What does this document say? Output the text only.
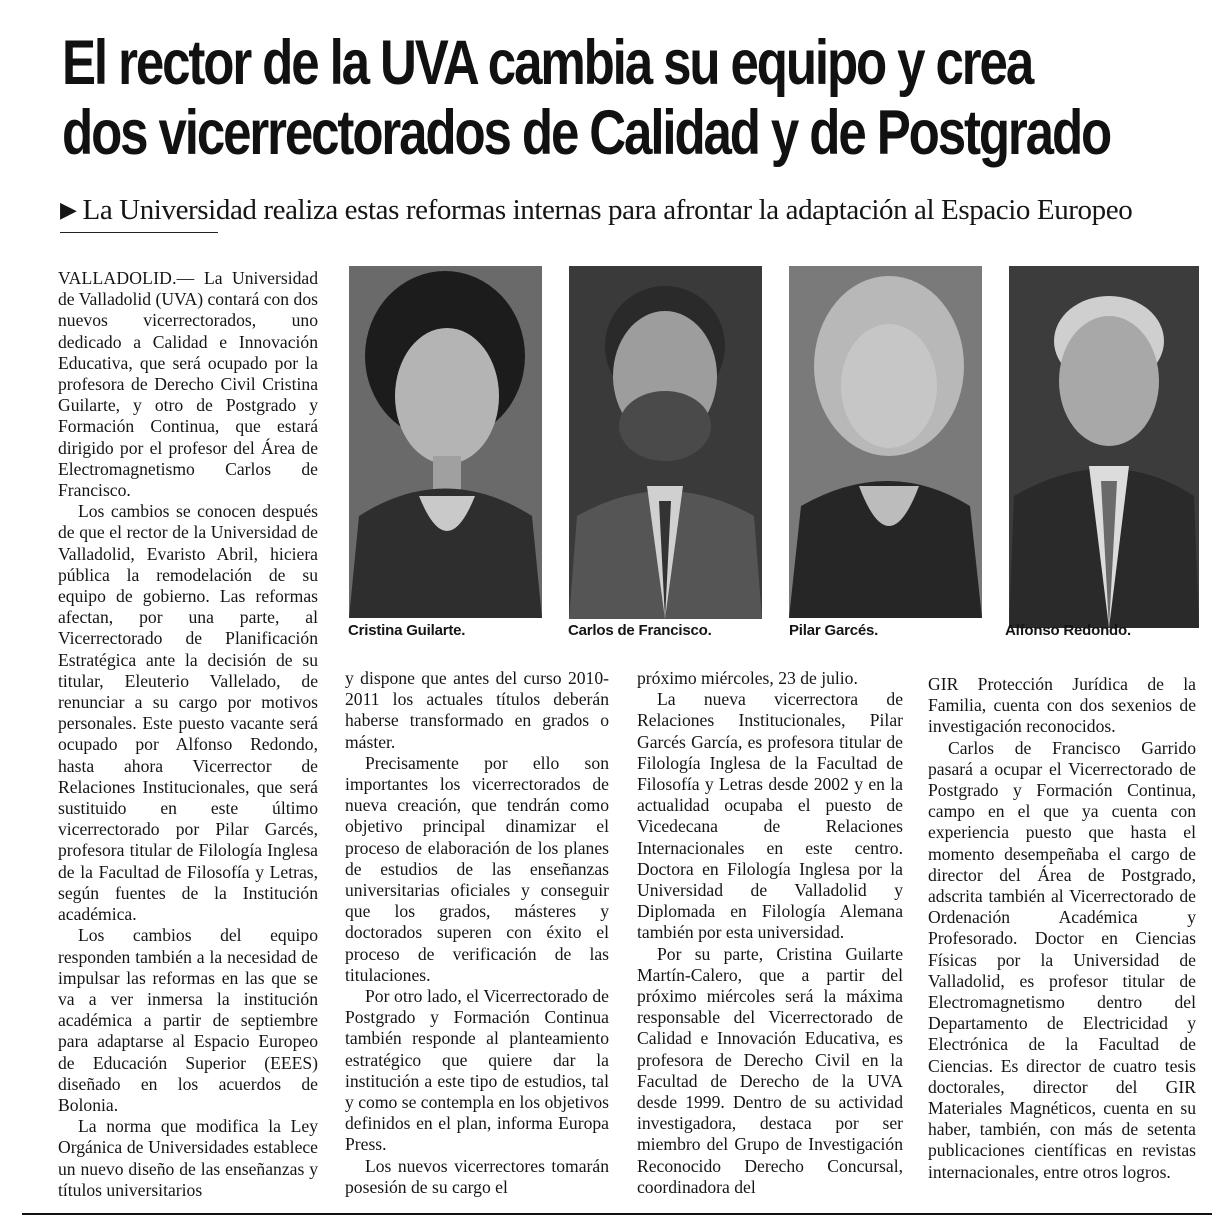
El rector de la UVA cambia su equipo y crea
dos vicerrectorados de Calidad y de Postgrado
▶ La Universidad realiza estas reformas internas para afrontar la adaptación al Espacio Europeo
Cristina Guilarte.	Carlos de Francisco.	Pilar Garcés.	Alfonso Redondo.

VALLADOLID.— La Universidad de Valladolid (UVA) contará con dos nuevos vicerrectorados, uno dedicado a Calidad e Innovación Educativa, que será ocupado por la profesora de Derecho Civil Cristina Guilarte, y otro de Postgrado y Formación Continua, que estará dirigido por el profesor del Área de Electromagnetismo Carlos de Francisco.

Los cambios se conocen después de que el rector de la Universidad de Valladolid, Evaristo Abril, hiciera pública la remodelación de su equipo de gobierno. Las reformas afectan, por una parte, al Vicerrectorado de Planificación Estratégica ante la decisión de su titular, Eleuterio Vallelado, de renunciar a su cargo por motivos personales. Este puesto vacante será ocupado por Alfonso Redondo, hasta ahora Vicerrector de Relaciones Institucionales, que será sustituido en este último vicerrectorado por Pilar Garcés, profesora titular de Filología Inglesa de la Facultad de Filosofía y Letras, según fuentes de la Institución académica.

Los cambios del equipo responden también a la necesidad de impulsar las reformas en las que se va a ver inmersa la institución académica a partir de septiembre para adaptarse al Espacio Europeo de Educación Superior (EEES) diseñado en los acuerdos de Bolonia.

La norma que modifica la Ley Orgánica de Universidades establece un nuevo diseño de las enseñanzas y títulos universitarios

y dispone que antes del curso 2010-2011 los actuales títulos deberán haberse transformado en grados o máster.

Precisamente por ello son importantes los vicerrectorados de nueva creación, que tendrán como objetivo principal dinamizar el proceso de elaboración de los planes de estudios de las enseñanzas universitarias oficiales y conseguir que los grados, másteres y doctorados superen con éxito el proceso de verificación de las titulaciones.

Por otro lado, el Vicerrectorado de Postgrado y Formación Continua también responde al planteamiento estratégico que quiere dar la institución a este tipo de estudios, tal y como se contempla en los objetivos definidos en el plan, informa Europa Press.

Los nuevos vicerrectores tomarán posesión de su cargo el

próximo miércoles, 23 de julio.

La nueva vicerrectora de Relaciones Institucionales, Pilar Garcés García, es profesora titular de Filología Inglesa de la Facultad de Filosofía y Letras desde 2002 y en la actualidad ocupaba el puesto de Vicedecana de Relaciones Internacionales en este centro. Doctora en Filología Inglesa por la Universidad de Valladolid y Diplomada en Filología Alemana también por esta universidad.

Por su parte, Cristina Guilarte Martín-Calero, que a partir del próximo miércoles será la máxima responsable del Vicerrectorado de Calidad e Innovación Educativa, es profesora de Derecho Civil en la Facultad de Derecho de la UVA desde 1999. Dentro de su actividad investigadora, destaca por ser miembro del Grupo de Investigación Reconocido Derecho Concursal, coordinadora del

GIR Protección Jurídica de la Familia, cuenta con dos sexenios de investigación reconocidos.

Carlos de Francisco Garrido pasará a ocupar el Vicerrectorado de Postgrado y Formación Continua, campo en el que ya cuenta con experiencia puesto que hasta el momento desempeñaba el cargo de director del Área de Postgrado, adscrita también al Vicerrectorado de Ordenación Académica y Profesorado. Doctor en Ciencias Físicas por la Universidad de Valladolid, es profesor titular de Electromagnetismo dentro del Departamento de Electricidad y Electrónica de la Facultad de Ciencias. Es director de cuatro tesis doctorales, director del GIR Materiales Magnéticos, cuenta en su haber, también, con más de setenta publicaciones científicas en revistas internacionales, entre otros logros.
